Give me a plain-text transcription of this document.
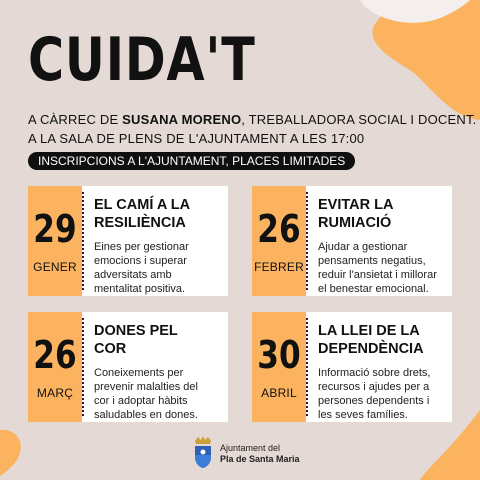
CUIDA'T
A CÀRREC DE SUSANA MORENO, TREBALLADORA SOCIAL I DOCENT.
A LA SALA DE PLENS DE L'AJUNTAMENT A LES 17:00
INSCRIPCIONS A L'AJUNTAMENT, PLACES LIMITADES
29
GENER
EL CAMÍ A LA
RESILIÈNCIA
Eines per gestionar
emocions i superar
adversitats amb
mentalitat positiva.
26
FEBRER
EVITAR LA
RUMIACIÓ
Ajudar a gestionar
pensaments negatius,
reduir l'ansietat i millorar
el benestar emocional.
26
MARÇ
DONES PEL
COR
Coneixements per
prevenir malalties del
cor i adoptar hàbits
saludables en dones.
30
ABRIL
LA LLEI DE LA
DEPENDÈNCIA
Informació sobre drets,
recursos i ajudes per a
persones dependents i
les seves famílies.
Ajuntament del
Pla de Santa Maria
